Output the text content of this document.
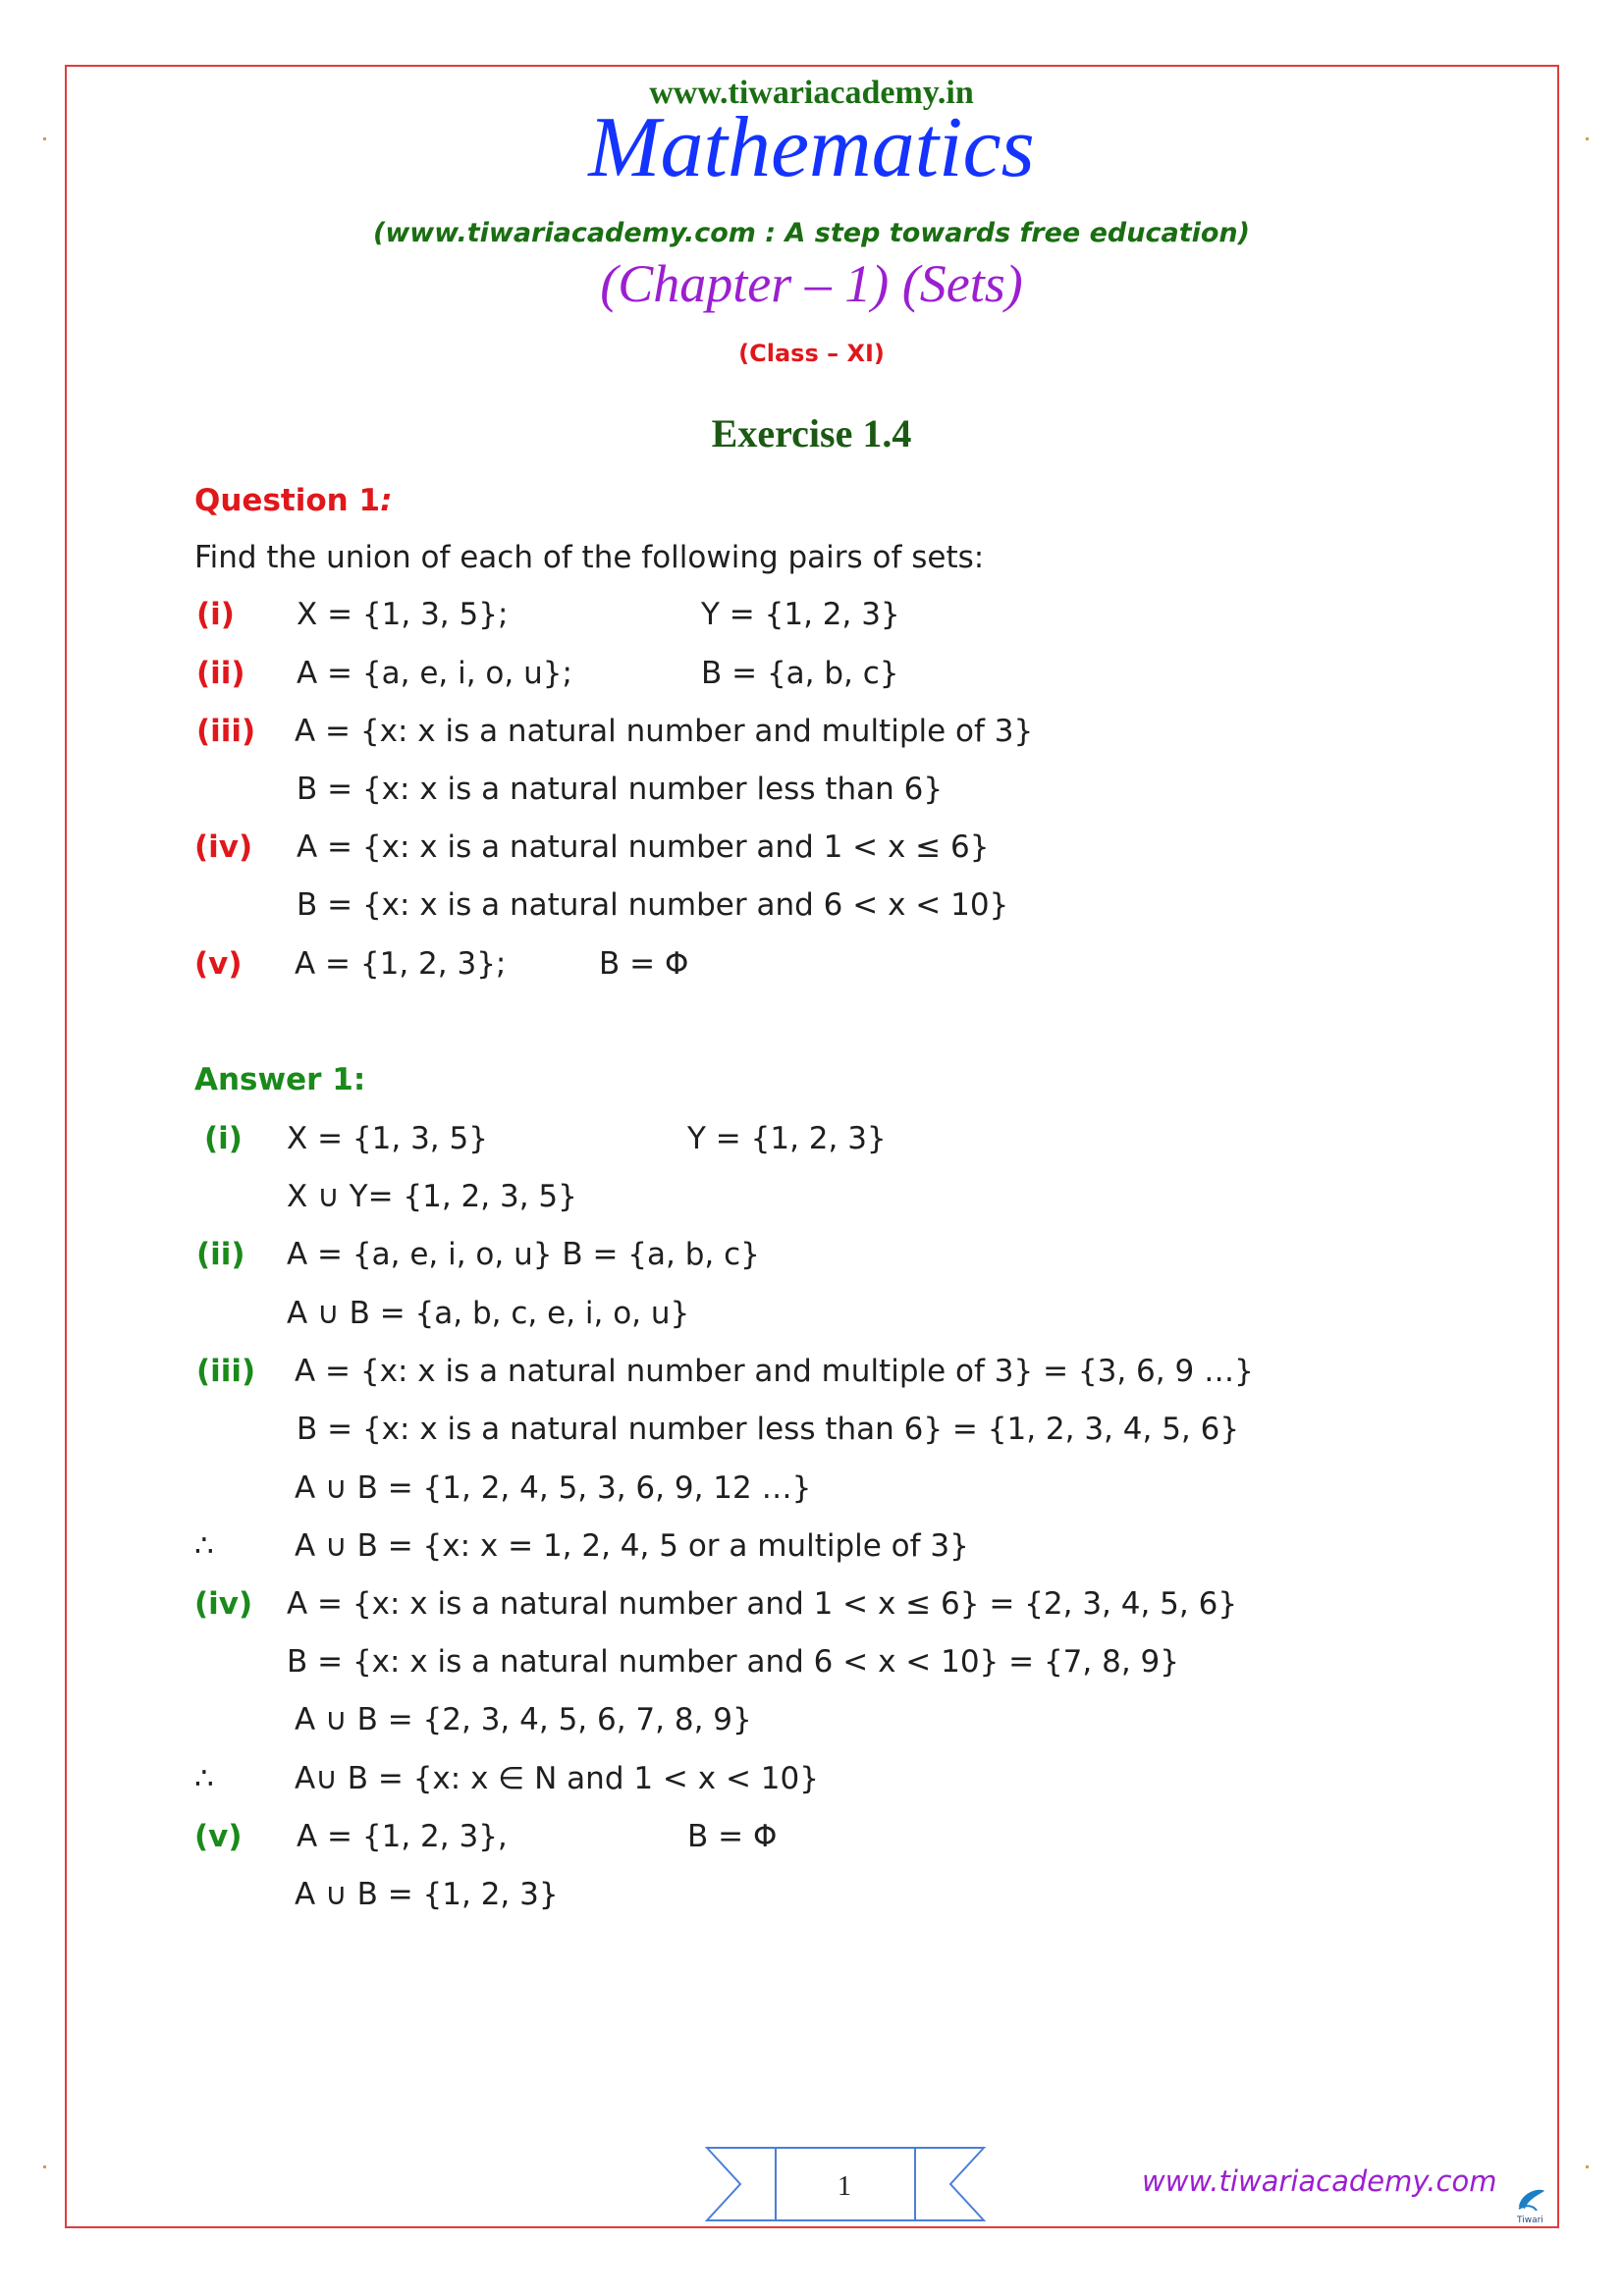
www.tiwariacademy.in
Mathematics
(www.tiwariacademy.com : A step towards free education)
(Chapter – 1) (Sets)
(Class – XI)
Exercise 1.4
Question 1:
Find the union of each of the following pairs of sets:
(i) X = {1, 3, 5};	Y = {1, 2, 3}
(ii) A = {a, e, i, o, u};	B = {a, b, c}
(iii) A = {x: x is a natural number and multiple of 3}
B = {x: x is a natural number less than 6}
(iv) A = {x: x is a natural number and 1 < x ≤ 6}
B = {x: x is a natural number and 6 < x < 10}
(v) A = {1, 2, 3};	B = Φ
Answer 1:
(i) X = {1, 3, 5}	Y = {1, 2, 3}
X ∪ Y= {1, 2, 3, 5}
(ii) A = {a, e, i, o, u} B = {a, b, c}
A ∪ B = {a, b, c, e, i, o, u}
(iii) A = {x: x is a natural number and multiple of 3} = {3, 6, 9 …}
B = {x: x is a natural number less than 6} = {1, 2, 3, 4, 5, 6}
A ∪ B = {1, 2, 4, 5, 3, 6, 9, 12 …}
∴	A ∪ B = {x: x = 1, 2, 4, 5 or a multiple of 3}
(iv) A = {x: x is a natural number and 1 < x ≤ 6} = {2, 3, 4, 5, 6}
B = {x: x is a natural number and 6 < x < 10} = {7, 8, 9}
A ∪ B = {2, 3, 4, 5, 6, 7, 8, 9}
∴	A∪ B = {x: x ∈ N and 1 < x < 10}
(v) A = {1, 2, 3},	B = Φ
A ∪ B = {1, 2, 3}
1	www.tiwariacademy.com
Tiwari
